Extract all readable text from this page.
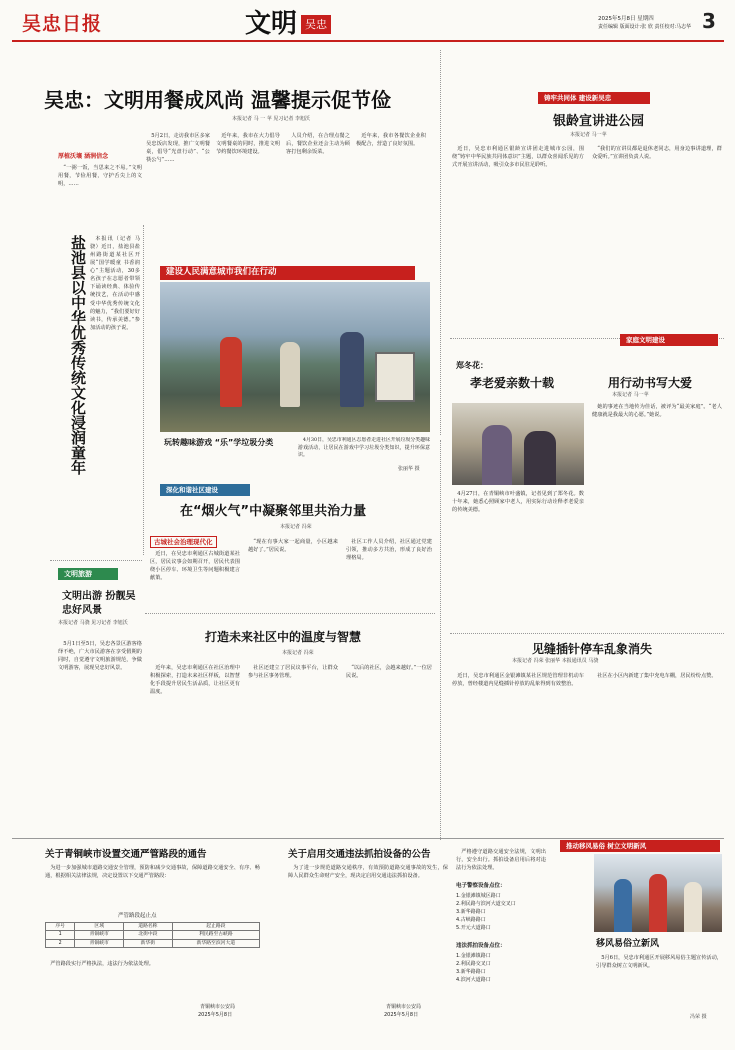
吴忠日报	文 明 吴忠	2025年5月8日 星期四
责任编辑 版面设计:张 欣 责任校对:马志华 3
吴忠：文明用餐成风尚 温馨提示促节俭
本报记者 马 一 苹 见习记者 李旭沃
厚植沃壤 涵润信念
“一粥一饭，当思来之不易。”文明用餐，节俭用餐，守护舌尖上的文明，……
5月2日，走访我市区多家吴忠饭店发现，推广文明餐桌，倡导“光盘行动”、“公筷公勺”……
近年来，我市在大力倡导文明餐桌的同时，推进文明节约餐饮环境建设。
人员介绍，在合理点餐之后，餐饮企业还会主动为顾客打包剩余饭菜。
近年来，我市各餐饮企业积极配合，营造了良好氛围。
盐池县以中华优秀传统文化浸润童年	本报讯（记者 马骁）近日，盐池县盐州路街道某社区开展“国学暖童 书香润心”主题活动，30多名孩子在志愿者带领下诵读经典、体验传统技艺，在活动中感受中华优秀传统文化的魅力，“我们要好好读书，传承美德。”参加活动的孩子说。
建设人民满意城市我们在行动
玩转趣味游戏 “乐”学垃圾分类	4月30日，吴忠市利通区志愿者走进社区开展垃圾分类趣味游戏活动，让居民在游戏中学习垃圾分类知识，提升环保意识。
张丽华 摄
深化和谐社区建设
在“烟火气”中凝聚邻里共治力量
本报记者 冯荣
古城社会治理现代化
近日，在吴忠市利通区古城街道某社区，居民议事会如期召开，居民代表围绕小区停车、环境卫生等问题积极建言献策。
“现在有事大家一起商量，小区越来越好了。”居民说。
社区工作人员介绍，社区通过党建引领，推动多方共治，形成了良好治理格局。
文明旅游
文明出游 扮靓吴忠好风景
本报记者 马骁 见习记者 李旭沃
5月1日至5日，吴忠各景区游客络绎不绝，广大市民游客在享受假期的同时，自觉遵守文明旅游规范，争做文明游客，展现吴忠好风景。
打造未来社区中的温度与智慧
本报记者 冯荣
近年来，吴忠市利通区在社区治理中积极探索，打造未来社区样板，以智慧化手段提升居民生活品质，让社区更有温度。
社区还建立了居民议事平台，让群众参与社区事务管理。
“以后的社区，会越来越好。”一位居民说。
铸牢共同体 建设新吴忠
银龄宣讲进公园
本报记者 马一苹
近日，吴忠市利通区银龄宣讲团走进城市公园，围绕“铸牢中华民族共同体意识”主题，以群众喜闻乐见的方式开展宣讲活动，吸引众多市民驻足聆听。
“我们的宣讲员都是退休老同志，用身边事讲道理，群众爱听。”宣讲团负责人说。
家庭文明建设
郑冬花：
孝老爱亲数十载	用行动书写大爱
本报记者 马一苹
4月27日，在青铜峡市叶盛镇，记者见到了郑冬花。数十年来，她悉心照顾家中老人，用实际行动诠释孝老爱亲的传统美德。
她的事迹在当地传为佳话，被评为“最美家庭”。“老人健康就是我最大的心愿。”她说。
见缝插针停车乱象消失
本报记者 冯荣 张丽华 本报通讯员 马骁
近日，吴忠市利通区金银滩镇某社区规范管理非机动车停放，曾经楼道内见缝插针停放的乱象得到有效整治。
社区在小区内新建了集中充电车棚，居民纷纷点赞。
关于青铜峡市设置交通严管路段的通告
为进一步加强城市道路交通安全管理，预防和减少交通事故，保障道路交通安全、有序、畅通，根据相关法律法规，决定设置以下交通严管路段：
严管路段起止点
序号	区域	道路名称	起止路段
1	青铜峡市	北街中段	利民路至古峡路
2	青铜峡市	新华街	新华路至滨河大道
严管路段实行严格执法，违法行为依法处理。
青铜峡市公安局
2025年5月8日
关于启用交通违法抓拍设备的公告
为了进一步规范道路交通秩序，有效预防道路交通事故的发生，保障人民群众生命财产安全，现决定启用交通违法抓拍设备。
青铜峡市公安局
2025年5月8日
严格遵守道路交通安全法规，文明出行，安全出行。抓拍设备启用后将对违法行为依法处理。
电子警察设备点位：
1.金银滩镇城区路口
2.利民路与滨河大道交叉口
3.新华路路口
4.古峡路路口
5.开元大道路口
违法抓拍设备点位：
1.金银滩镇路口
2.利民路交叉口
3.新华路路口
4.滨河大道路口
推动移风易俗 树立文明新风
移风易俗立新风
5月6日，吴忠市利通区开展移风易俗主题宣传活动，引导群众树立文明新风。
冯荣 摄
